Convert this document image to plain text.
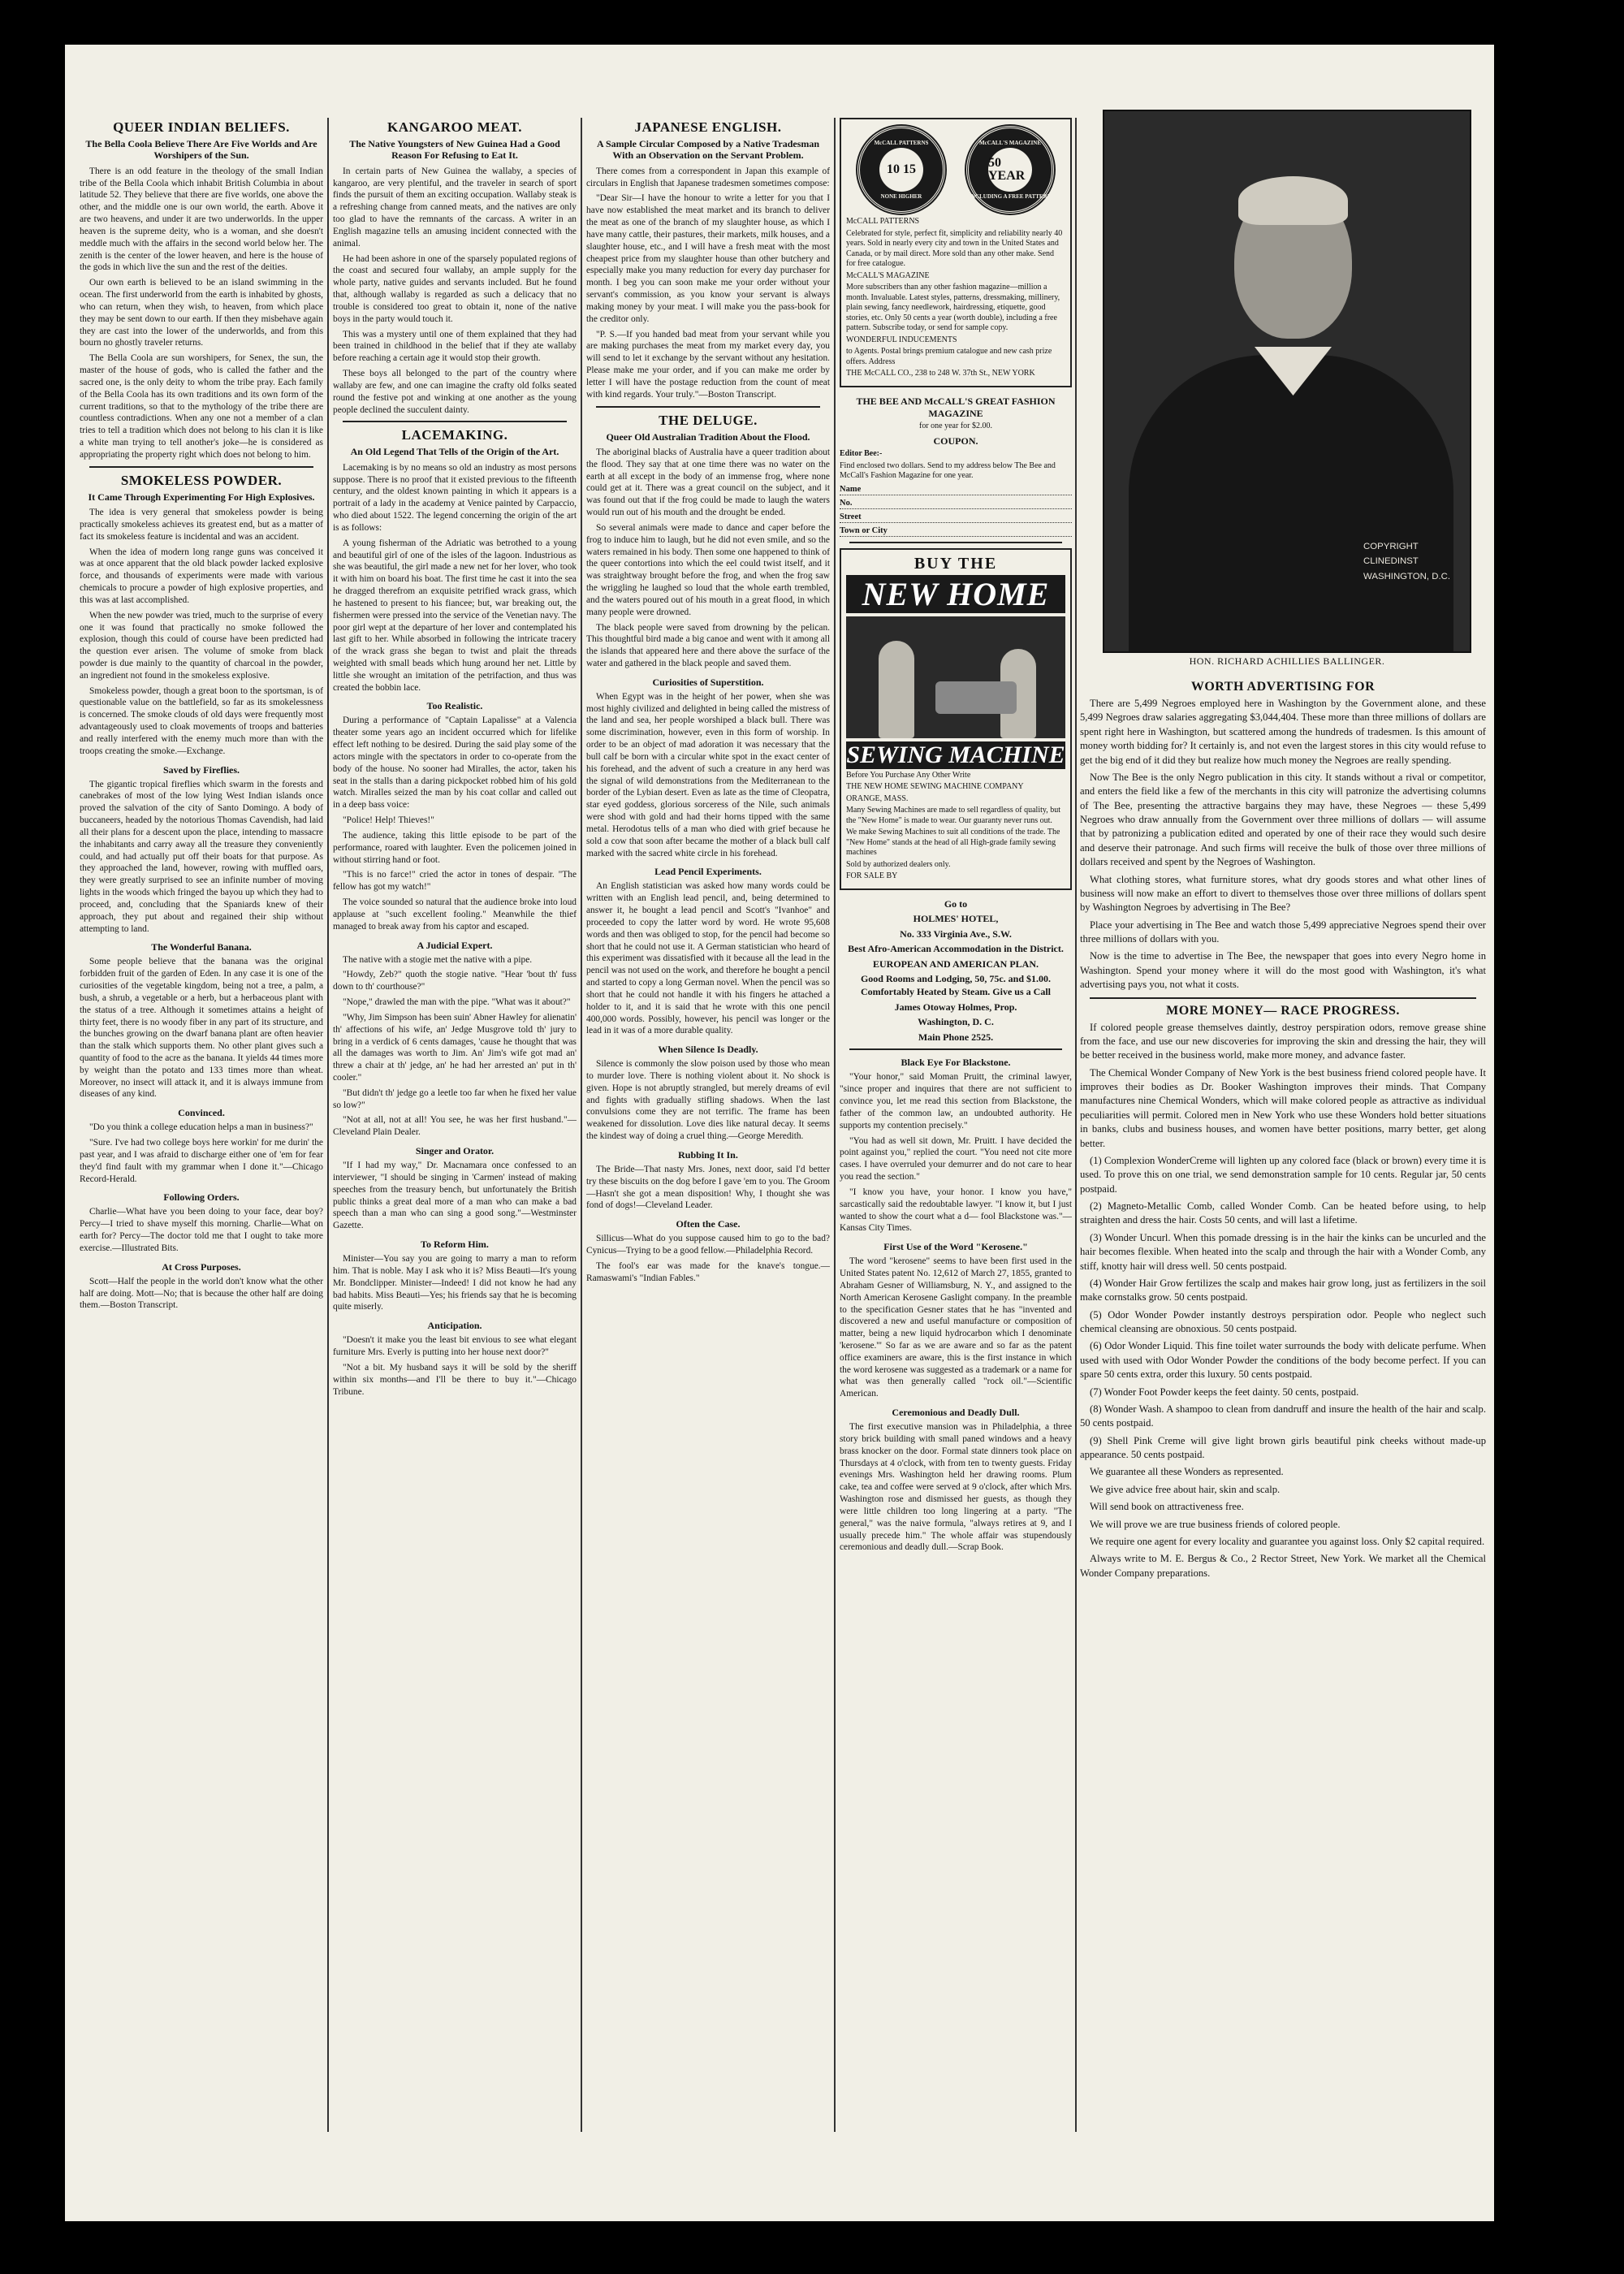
QUEER INDIAN BELIEFS.
The Bella Coola Believe There Are Five Worlds and Are Worshipers of the Sun.

There is an odd feature in the theology of the small Indian tribe of the Bella Coola which inhabit British Columbia in about latitude 52. They believe that there are five worlds, one above the other, and the middle one is our own world, the earth. Above it are two heavens, and under it are two underworlds. In the upper heaven is the supreme deity, who is a woman, and she doesn't meddle much with the affairs in the second world below her. The zenith is the center of the lower heaven, and here is the house of the gods in which live the sun and the rest of the deities.

Our own earth is believed to be an island swimming in the ocean. The first underworld from the earth is inhabited by ghosts, who can return, when they wish, to heaven, from which place they may be sent down to our earth. If then they misbehave again they are cast into the lower of the underworlds, and from this bourn no ghostly traveler returns.

The Bella Coola are sun worshipers, for Senex, the sun, the master of the house of gods, who is called the father and the sacred one, is the only deity to whom the tribe pray. Each family of the Bella Coola has its own traditions and its own form of the current traditions, so that to the mythology of the tribe there are countless contradictions. When any one not a member of a clan tries to tell a tradition which does not belong to his clan it is like a white man trying to tell another's joke—he is considered as appropriating the property right which does not belong to him.

SMOKELESS POWDER.
It Came Through Experimenting For High Explosives.

The idea is very general that smokeless powder is being practically smokeless achieves its greatest end, but as a matter of fact its smokeless feature is incidental and was an accident.

When the idea of modern long range guns was conceived it was at once apparent that the old black powder lacked explosive force, and thousands of experiments were made with various chemicals to procure a powder of high explosive properties, and this was at last accomplished.

When the new powder was tried, much to the surprise of every one it was found that practically no smoke followed the explosion, though this could of course have been predicted had the question ever arisen. The volume of smoke from black powder is due mainly to the quantity of charcoal in the powder, an ingredient not found in the smokeless explosive.

Smokeless powder, though a great boon to the sportsman, is of questionable value on the battlefield, so far as its smokelessness is concerned. The smoke clouds of old days were frequently most advantageously used to cloak movements of troops and batteries and really interfered with the enemy much more than with the troops creating the smoke.—Exchange.

Saved by Fireflies.

The gigantic tropical fireflies which swarm in the forests and canebrakes of most of the low lying West Indian islands once proved the salvation of the city of Santo Domingo. A body of buccaneers, headed by the notorious Thomas Cavendish, had laid all their plans for a descent upon the place, intending to massacre the inhabitants and carry away all the treasure they conveniently could, and had actually put off their boats for that purpose. As they approached the land, however, rowing with muffled oars, they were greatly surprised to see an infinite number of moving lights in the woods which fringed the bayou up which they had to proceed, and, concluding that the Spaniards knew of their approach, they put about and regained their ship without attempting to land.

The Wonderful Banana.

Some people believe that the banana was the original forbidden fruit of the garden of Eden. In any case it is one of the curiosities of the vegetable kingdom, being not a tree, a palm, a bush, a shrub, a vegetable or a herb, but a herbaceous plant with the status of a tree. Although it sometimes attains a height of thirty feet, there is no woody fiber in any part of its structure, and the bunches growing on the dwarf banana plant are often heavier than the stalk which supports them. No other plant gives such a quantity of food to the acre as the banana. It yields 44 times more by weight than the potato and 133 times more than wheat. Moreover, no insect will attack it, and it is always immune from diseases of any kind.

Convinced.

"Do you think a college education helps a man in business?"

"Sure. I've had two college boys here workin' for me durin' the past year, and I was afraid to discharge either one of 'em for fear they'd find fault with my grammar when I done it."—Chicago Record-Herald.

Following Orders.

Charlie—What have you been doing to your face, dear boy? Percy—I tried to shave myself this morning. Charlie—What on earth for? Percy—The doctor told me that I ought to take more exercise.—Illustrated Bits.

At Cross Purposes.

Scott—Half the people in the world don't know what the other half are doing. Mott—No; that is because the other half are doing them.—Boston Transcript.

KANGAROO MEAT.
The Native Youngsters of New Guinea Had a Good Reason For Refusing to Eat It.

In certain parts of New Guinea the wallaby, a species of kangaroo, are very plentiful, and the traveler in search of sport finds the pursuit of them an exciting occupation. Wallaby steak is a refreshing change from canned meats, and the natives are only too glad to have the remnants of the carcass. A writer in an English magazine tells an amusing incident connected with the animal.

He had been ashore in one of the sparsely populated regions of the coast and secured four wallaby, an ample supply for the whole party, native guides and servants included. But he found that, although wallaby is regarded as such a delicacy that no trouble is considered too great to obtain it, none of the native boys in the party would touch it.

This was a mystery until one of them explained that they had been trained in childhood in the belief that if they ate wallaby before reaching a certain age it would stop their growth.

These boys all belonged to the part of the country where wallaby are few, and one can imagine the crafty old folks seated round the festive pot and winking at one another as the young people declined the succulent dainty.

LACEMAKING.
An Old Legend That Tells of the Origin of the Art.

Lacemaking is by no means so old an industry as most persons suppose. There is no proof that it existed previous to the fifteenth century, and the oldest known painting in which it appears is a portrait of a lady in the academy at Venice painted by Carpaccio, who died about 1522. The legend concerning the origin of the art is as follows:

A young fisherman of the Adriatic was betrothed to a young and beautiful girl of one of the isles of the lagoon. Industrious as she was beautiful, the girl made a new net for her lover, who took it with him on board his boat. The first time he cast it into the sea he dragged therefrom an exquisite petrified wrack grass, which he hastened to present to his fiancee; but, war breaking out, the fishermen were pressed into the service of the Venetian navy. The poor girl wept at the departure of her lover and contemplated his last gift to her. While absorbed in following the intricate tracery of the wrack grass she began to twist and plait the threads weighted with small beads which hung around her net. Little by little she wrought an imitation of the petrifaction, and thus was created the bobbin lace.

Too Realistic.

During a performance of "Captain Lapalisse" at a Valencia theater some years ago an incident occurred which for lifelike effect left nothing to be desired. During the said play some of the actors mingle with the spectators in order to co-operate from the body of the house. No sooner had Miralles, the actor, taken his seat in the stalls than a daring pickpocket robbed him of his gold watch. Miralles seized the man by his coat collar and called out in a deep bass voice:

"Police! Help! Thieves!"

The audience, taking this little episode to be part of the performance, roared with laughter. Even the policemen joined in without stirring hand or foot.

"This is no farce!" cried the actor in tones of despair. "The fellow has got my watch!"

The voice sounded so natural that the audience broke into loud applause at "such excellent fooling." Meanwhile the thief managed to break away from his captor and escaped.

A Judicial Expert.

The native with a stogie met the native with a pipe.

"Howdy, Zeb?" quoth the stogie native. "Hear 'bout th' fuss down to th' courthouse?"

"Nope," drawled the man with the pipe. "What was it about?"

"Why, Jim Simpson has been suin' Abner Hawley for alienatin' th' affections of his wife, an' Jedge Musgrove told th' jury to bring in a verdick of 6 cents damages, 'cause he thought that was all the damages was worth to Jim. An' Jim's wife got mad an' threw a chair at th' jedge, an' he had her arrested an' put in th' cooler."

"But didn't th' jedge go a leetle too far when he fixed her value so low?"

"Not at all, not at all! You see, he was her first husband."—Cleveland Plain Dealer.

Singer and Orator.

"If I had my way," Dr. Macnamara once confessed to an interviewer, "I should be singing in 'Carmen' instead of making speeches from the treasury bench, but unfortunately the British public thinks a great deal more of a man who can make a bad speech than a man who can sing a good song."—Westminster Gazette.

To Reform Him.

Minister—You say you are going to marry a man to reform him. That is noble. May I ask who it is? Miss Beauti—It's young Mr. Bondclipper. Minister—Indeed! I did not know he had any bad habits. Miss Beauti—Yes; his friends say that he is becoming quite miserly.

Anticipation.

"Doesn't it make you the least bit envious to see what elegant furniture Mrs. Everly is putting into her house next door?"

"Not a bit. My husband says it will be sold by the sheriff within six months—and I'll be there to buy it."—Chicago Tribune.

JAPANESE ENGLISH.
A Sample Circular Composed by a Native Tradesman With an Observation on the Servant Problem.

There comes from a correspondent in Japan this example of circulars in English that Japanese tradesmen sometimes compose:

"Dear Sir—I have the honour to write a letter for you that I have now established the meat market and its branch to deliver the meat as one of the branch of my slaughter house, as which I have many cattle, their pastures, their markets, milk houses, and a slaughter house, etc., and I will have a fresh meat with the most cheapest price from my slaughter house than other butchery and especially make you many reduction for every day purchaser for month. I beg you can soon make me your order without your servant's commission, as you know your servant is always making money by your meat. I will make you the pass-book for the creditor only.

"P. S.—If you handed bad meat from your servant while you are making purchases the meat from my market every day, you will send to let it exchange by the servant without any hesitation. Please make me your order, and if you can make me order by letter I will have the postage reduction from the count of meat with kind regards. Your truly."—Boston Transcript.

THE DELUGE.
Queer Old Australian Tradition About the Flood.

The aboriginal blacks of Australia have a queer tradition about the flood. They say that at one time there was no water on the earth at all except in the body of an immense frog, where none could get at it. There was a great council on the subject, and it was found out that if the frog could be made to laugh the waters would run out of his mouth and the drought be ended.

So several animals were made to dance and caper before the frog to induce him to laugh, but he did not even smile, and so the waters remained in his body. Then some one happened to think of the queer contortions into which the eel could twist itself, and it was straightway brought before the frog, and when the frog saw the wriggling he laughed so loud that the whole earth trembled, and the waters poured out of his mouth in a great flood, in which many people were drowned.

The black people were saved from drowning by the pelican. This thoughtful bird made a big canoe and went with it among all the islands that appeared here and there above the surface of the water and gathered in the black people and saved them.

Curiosities of Superstition.

When Egypt was in the height of her power, when she was most highly civilized and delighted in being called the mistress of the land and sea, her people worshiped a black bull. There was some discrimination, however, even in this form of worship. In order to be an object of mad adoration it was necessary that the bull calf be born with a circular white spot in the exact center of his forehead, and the advent of such a creature in any herd was the signal of wild demonstrations from the Mediterranean to the border of the Lybian desert. Even as late as the time of Cleopatra, star eyed goddess, glorious sorceress of the Nile, such animals were shod with gold and had their horns tipped with the same metal. Herodotus tells of a man who died with grief because he sold a cow that soon after became the mother of a black bull calf marked with the sacred white circle in his forehead.

Lead Pencil Experiments.

An English statistician was asked how many words could be written with an English lead pencil, and, being determined to answer it, he bought a lead pencil and Scott's "Ivanhoe" and proceeded to copy the latter word by word. He wrote 95,608 words and then was obliged to stop, for the pencil had become so short that he could not use it. A German statistician who heard of this experiment was dissatisfied with it because all the lead in the pencil was not used on the work, and therefore he bought a pencil and started to copy a long German novel. When the pencil was so short that he could not handle it with his fingers he attached a holder to it, and it is said that he wrote with this one pencil 400,000 words. Possibly, however, his pencil was longer or the lead in it was of a more durable quality.

When Silence Is Deadly.

Silence is commonly the slow poison used by those who mean to murder love. There is nothing violent about it. No shock is given. Hope is not abruptly strangled, but merely dreams of evil and fights with gradually stifling shadows. When the last convulsions come they are not terrific. The frame has been weakened for dissolution. Love dies like natural decay. It seems the kindest way of doing a cruel thing.—George Meredith.

Rubbing It In.

The Bride—That nasty Mrs. Jones, next door, said I'd better try these biscuits on the dog before I gave 'em to you. The Groom—Hasn't she got a mean disposition! Why, I thought she was fond of dogs!—Cleveland Leader.

Often the Case.

Sillicus—What do you suppose caused him to go to the bad? Cynicus—Trying to be a good fellow.—Philadelphia Record.

The fool's ear was made for the knave's tongue.—Ramaswami's "Indian Fables."

McCALL PATTERNS
10 15
NONE HIGHER
McCALL'S MAGAZINE
50 YEAR
INCLUDING A FREE PATTERN
McCALL PATTERNS
Celebrated for style, perfect fit, simplicity and reliability nearly 40 years. Sold in nearly every city and town in the United States and Canada, or by mail direct. More sold than any other make. Send for free catalogue.
McCALL'S MAGAZINE
More subscribers than any other fashion magazine—million a month. Invaluable. Latest styles, patterns, dressmaking, millinery, plain sewing, fancy needlework, hairdressing, etiquette, good stories, etc. Only 50 cents a year (worth double), including a free pattern. Subscribe today, or send for sample copy.
WONDERFUL INDUCEMENTS
to Agents. Postal brings premium catalogue and new cash prize offers. Address
THE McCALL CO., 238 to 248 W. 37th St., NEW YORK
THE BEE AND McCALL'S GREAT FASHION MAGAZINE
for one year for $2.00.
COUPON.
Editor Bee:-
Find enclosed two dollars. Send to my address below The Bee and McCall's Fashion Magazine for one year.
Name
No.
Street
Town or City
BUY THE
NEW HOME
SEWING MACHINE
Before You Purchase Any Other Write
THE NEW HOME SEWING MACHINE COMPANY
ORANGE, MASS.
Many Sewing Machines are made to sell regardless of quality, but the "New Home" is made to wear. Our guaranty never runs out.
We make Sewing Machines to suit all conditions of the trade. The "New Home" stands at the head of all High-grade family sewing machines
Sold by authorized dealers only.
FOR SALE BY
Go to
HOLMES' HOTEL,
No. 333 Virginia Ave., S.W.
Best Afro-American Accommodation in the District.
EUROPEAN AND AMERICAN PLAN.
Good Rooms and Lodging, 50, 75c. and $1.00. Comfortably Heated by Steam. Give us a Call
James Otoway Holmes, Prop.
Washington, D. C.
Main Phone 2525.
Black Eye For Blackstone.

"Your honor," said Moman Pruitt, the criminal lawyer, "since proper and inquires that there are not sufficient to convince you, let me read this section from Blackstone, the father of the common law, an undoubted authority. He supports my contention precisely."

"You had as well sit down, Mr. Pruitt. I have decided the point against you," replied the court. "You need not cite more cases. I have overruled your demurrer and do not care to hear you read the section."

"I know you have, your honor. I know you have," sarcastically said the redoubtable lawyer. "I know it, but I just wanted to show the court what a d— fool Blackstone was."—Kansas City Times.

First Use of the Word "Kerosene."

The word "kerosene" seems to have been first used in the United States patent No. 12,612 of March 27, 1855, granted to Abraham Gesner of Williamsburg, N. Y., and assigned to the North American Kerosene Gaslight company. In the preamble to the specification Gesner states that he has "invented and discovered a new and useful manufacture or composition of matter, being a new liquid hydrocarbon which I denominate 'kerosene.'" So far as we are aware and so far as the patent office examiners are aware, this is the first instance in which the word kerosene was suggested as a trademark or a name for what was then generally called "rock oil."—Scientific American.

Ceremonious and Deadly Dull.

The first executive mansion was in Philadelphia, a three story brick building with small paned windows and a heavy brass knocker on the door. Formal state dinners took place on Thursdays at 4 o'clock, with from ten to twenty guests. Friday evenings Mrs. Washington held her drawing rooms. Plum cake, tea and coffee were served at 9 o'clock, after which Mrs. Washington rose and dismissed her guests, as though they were little children too long lingering at a party. "The general," was the naive formula, "always retires at 9, and I usually precede him." The whole affair was stupendously ceremonious and deadly dull.—Scrap Book.

COPYRIGHT

CLINEDINST

WASHINGTON, D.C.

HON. RICHARD ACHILLIES BALLINGER.
WORTH ADVERTISING FOR

There are 5,499 Negroes employed here in Washington by the Government alone, and these 5,499 Negroes draw salaries aggregating $3,044,404. These more than three millions of dollars are spent right here in Washington, but scattered among the hundreds of tradesmen. Is this amount of money worth bidding for? It certainly is, and not even the largest stores in this city would refuse to get the big end of it did they but realize how much money the Negroes are really spending.

Now The Bee is the only Negro publication in this city. It stands without a rival or competitor, and enters the field like a few of the merchants in this city will patronize the advertising columns of The Bee, presenting the attractive bargains they may have, these Negroes — these 5,499 Negroes who draw annually from the Government over three millions of dollars — will assume that by patronizing a publication edited and operated by one of their race they would such desire and deserve their patronage. And such firms will receive the bulk of those over three millions of dollars received and spent by the Negroes of Washington.

What clothing stores, what furniture stores, what dry goods stores and what other lines of business will now make an effort to divert to themselves those over three millions of dollars spent by Washington Negroes by advertising in The Bee?

Place your advertising in The Bee and watch those 5,499 appreciative Negroes spend their over three millions of dollars with you.

Now is the time to advertise in The Bee, the newspaper that goes into every Negro home in Washington. Spend your money where it will do the most good with Washington, it's what advertising pays you, not what it costs.

MORE MONEY— RACE PROGRESS.

If colored people grease themselves daintly, destroy perspiration odors, remove grease shine from the face, and use our new discoveries for improving the skin and dressing the hair, they will be better received in the business world, make more money, and advance faster.

The Chemical Wonder Company of New York is the best business friend colored people have. It improves their bodies as Dr. Booker Washington improves their minds. That Company manufactures nine Chemical Wonders, which will make colored people as attractive as individual peculiarities will permit. Colored men in New York who use these Wonders hold better situations in banks, clubs and business houses, and women have better positions, marry better, get along better.

(1) Complexion WonderCreme will lighten up any colored face (black or brown) every time it is used. To prove this on one trial, we send demonstration sample for 10 cents. Regular jar, 50 cents postpaid.

(2) Magneto-Metallic Comb, called Wonder Comb. Can be heated before using, to help straighten and dress the hair. Costs 50 cents, and will last a lifetime.

(3) Wonder Uncurl. When this pomade dressing is in the hair the kinks can be uncurled and the hair becomes flexible. When heated into the scalp and through the hair with a Wonder Comb, any stiff, knotty hair will dress well. 50 cents postpaid.

(4) Wonder Hair Grow fertilizes the scalp and makes hair grow long, just as fertilizers in the soil make cornstalks grow. 50 cents postpaid.

(5) Odor Wonder Powder instantly destroys perspiration odor. People who neglect such chemical cleansing are obnoxious. 50 cents postpaid.

(6) Odor Wonder Liquid. This fine toilet water surrounds the body with delicate perfume. When used with used with Odor Wonder Powder the conditions of the body become perfect. If you can spare 50 cents extra, order this luxury. 50 cents postpaid.

(7) Wonder Foot Powder keeps the feet dainty. 50 cents, postpaid.

(8) Wonder Wash. A shampoo to clean from dandruff and insure the health of the hair and scalp. 50 cents postpaid.

(9) Shell Pink Creme will give light brown girls beautiful pink cheeks without made-up appearance. 50 cents postpaid.

We guarantee all these Wonders as represented.

We give advice free about hair, skin and scalp.

Will send book on attractiveness free.

We will prove we are true business friends of colored people.

We require one agent for every locality and guarantee you against loss. Only $2 capital required.

Always write to M. E. Bergus & Co., 2 Rector Street, New York. We market all the Chemical Wonder Company preparations.
